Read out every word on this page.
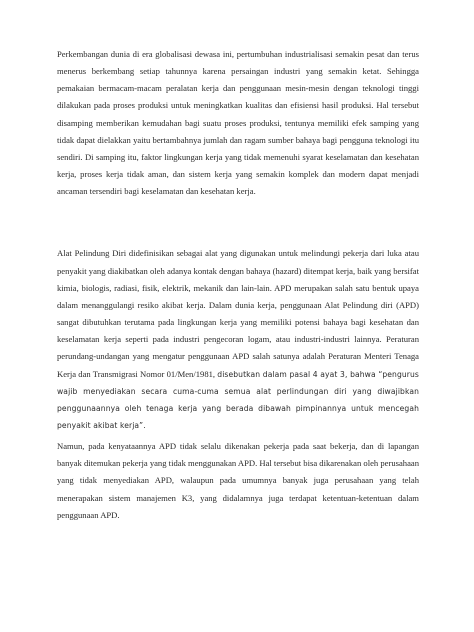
Perkembangan dunia di era globalisasi dewasa ini, pertumbuhan industrialisasi semakin pesat dan terus menerus berkembang setiap tahunnya karena persaingan industri yang semakin ketat. Sehingga pemakaian bermacam-macam peralatan kerja dan penggunaan mesin-mesin dengan teknologi tinggi dilakukan pada proses produksi untuk meningkatkan kualitas dan efisiensi hasil produksi. Hal tersebut disamping memberikan kemudahan bagi suatu proses produksi, tentunya memiliki efek samping yang tidak dapat dielakkan yaitu bertambahnya jumlah dan ragam sumber bahaya bagi pengguna teknologi itu sendiri. Di samping itu, faktor lingkungan kerja yang tidak memenuhi syarat keselamatan dan kesehatan kerja, proses kerja tidak aman, dan sistem kerja yang semakin komplek dan modern dapat menjadi ancaman tersendiri bagi keselamatan dan kesehatan kerja.

Alat Pelindung Diri didefinisikan sebagai alat yang digunakan untuk melindungi pekerja dari luka atau penyakit yang diakibatkan oleh adanya kontak dengan bahaya (hazard) ditempat kerja, baik yang bersifat kimia, biologis, radiasi, fisik, elektrik, mekanik dan lain-lain. APD merupakan salah satu bentuk upaya dalam menanggulangi resiko akibat kerja. Dalam dunia kerja, penggunaan Alat Pelindung diri (APD) sangat dibutuhkan terutama pada lingkungan kerja yang memiliki potensi bahaya bagi kesehatan dan keselamatan kerja seperti pada industri pengecoran logam, atau industri-industri lainnya. Peraturan perundang-undangan yang mengatur penggunaan APD salah satunya adalah Peraturan Menteri Tenaga Kerja dan Transmigrasi Nomor 01/Men/1981, disebutkan dalam pasal 4 ayat 3, bahwa “pengurus wajib menyediakan secara cuma-cuma semua alat perlindungan diri yang diwajibkan penggunaannya oleh tenaga kerja yang berada dibawah pimpinannya untuk mencegah penyakit akibat kerja”.

Namun, pada kenyataannya APD tidak selalu dikenakan pekerja pada saat bekerja, dan di lapangan banyak ditemukan pekerja yang tidak menggunakan APD. Hal tersebut bisa dikarenakan oleh perusahaan yang tidak menyediakan APD, walaupun pada umumnya banyak juga perusahaan yang telah menerapakan sistem manajemen K3, yang didalamnya juga terdapat ketentuan-ketentuan dalam penggunaan APD.
